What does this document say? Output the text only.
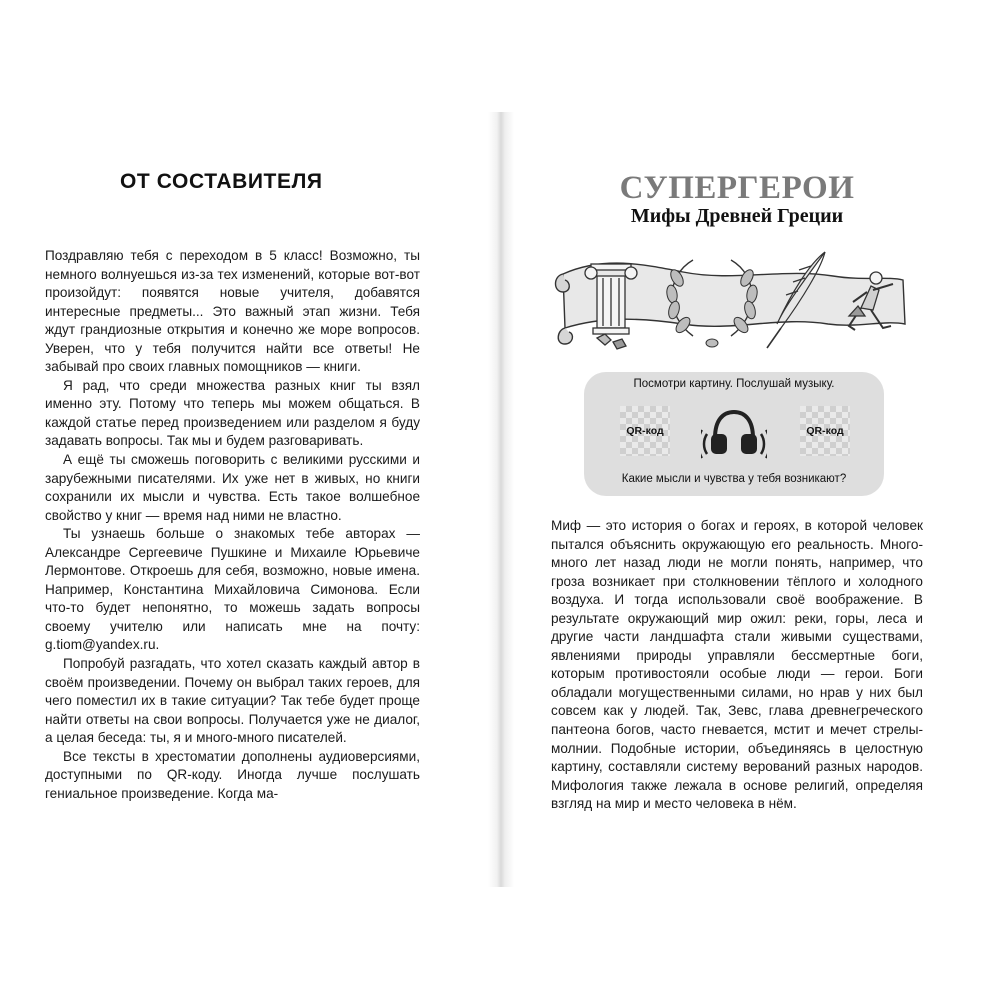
ОТ СОСТАВИТЕЛЯ

Поздравляю тебя с переходом в 5 класс! Возможно, ты немного волнуешься из-за тех изменений, которые вот-вот произойдут: появятся новые учителя, добавятся интересные предметы... Это важный этап жизни. Тебя ждут грандиозные открытия и конечно же море вопросов. Уверен, что у тебя получится найти все ответы! Не забывай про своих главных помощников — книги.

Я рад, что среди множества разных книг ты взял именно эту. Потому что теперь мы можем общаться. В каждой статье перед произведением или разделом я буду задавать вопросы. Так мы и будем разговаривать.

А ещё ты сможешь поговорить с великими русскими и зарубежными писателями. Их уже нет в живых, но книги сохранили их мысли и чувства. Есть такое волшебное свойство у книг — время над ними не властно.

Ты узнаешь больше о знакомых тебе авторах — Александре Сергеевиче Пушкине и Михаиле Юрьевиче Лермонтове. Откроешь для себя, возможно, новые имена. Например, Константина Михайловича Симонова. Если что-то будет непонятно, то можешь задать вопросы своему учителю или написать мне на почту: g.tiom@yandex.ru.

Попробуй разгадать, что хотел сказать каждый автор в своём произведении. Почему он выбрал таких героев, для чего поместил их в такие ситуации? Так тебе будет проще найти ответы на свои вопросы. Получается уже не диалог, а целая беседа: ты, я и много-много писателей.

Все тексты в хрестоматии дополнены аудиоверсиями, доступными по QR-коду. Иногда лучше послушать гениальное произведение. Когда ма-

СУПЕРГЕРОИ
Мифы Древней Греции
Посмотри картину. Послушай музыку.
QR-код	QR-код
Какие мысли и чувства у тебя возникают?

Миф — это история о богах и героях, в которой человек пытался объяснить окружающую его реальность. Много-много лет назад люди не могли понять, например, что гроза возникает при столкновении тёплого и холодного воздуха. И тогда использовали своё воображение. В результате окружающий мир ожил: реки, горы, леса и другие части ландшафта стали живыми существами, явлениями природы управляли бессмертные боги, которым противостояли особые люди — герои. Боги обладали могущественными силами, но нрав у них был совсем как у людей. Так, Зевс, глава древнегреческого пантеона богов, часто гневается, мстит и мечет стрелы-молнии. Подобные истории, объединяясь в целостную картину, составляли систему верований разных народов. Мифология также лежала в основе религий, определяя взгляд на мир и место человека в нём.
